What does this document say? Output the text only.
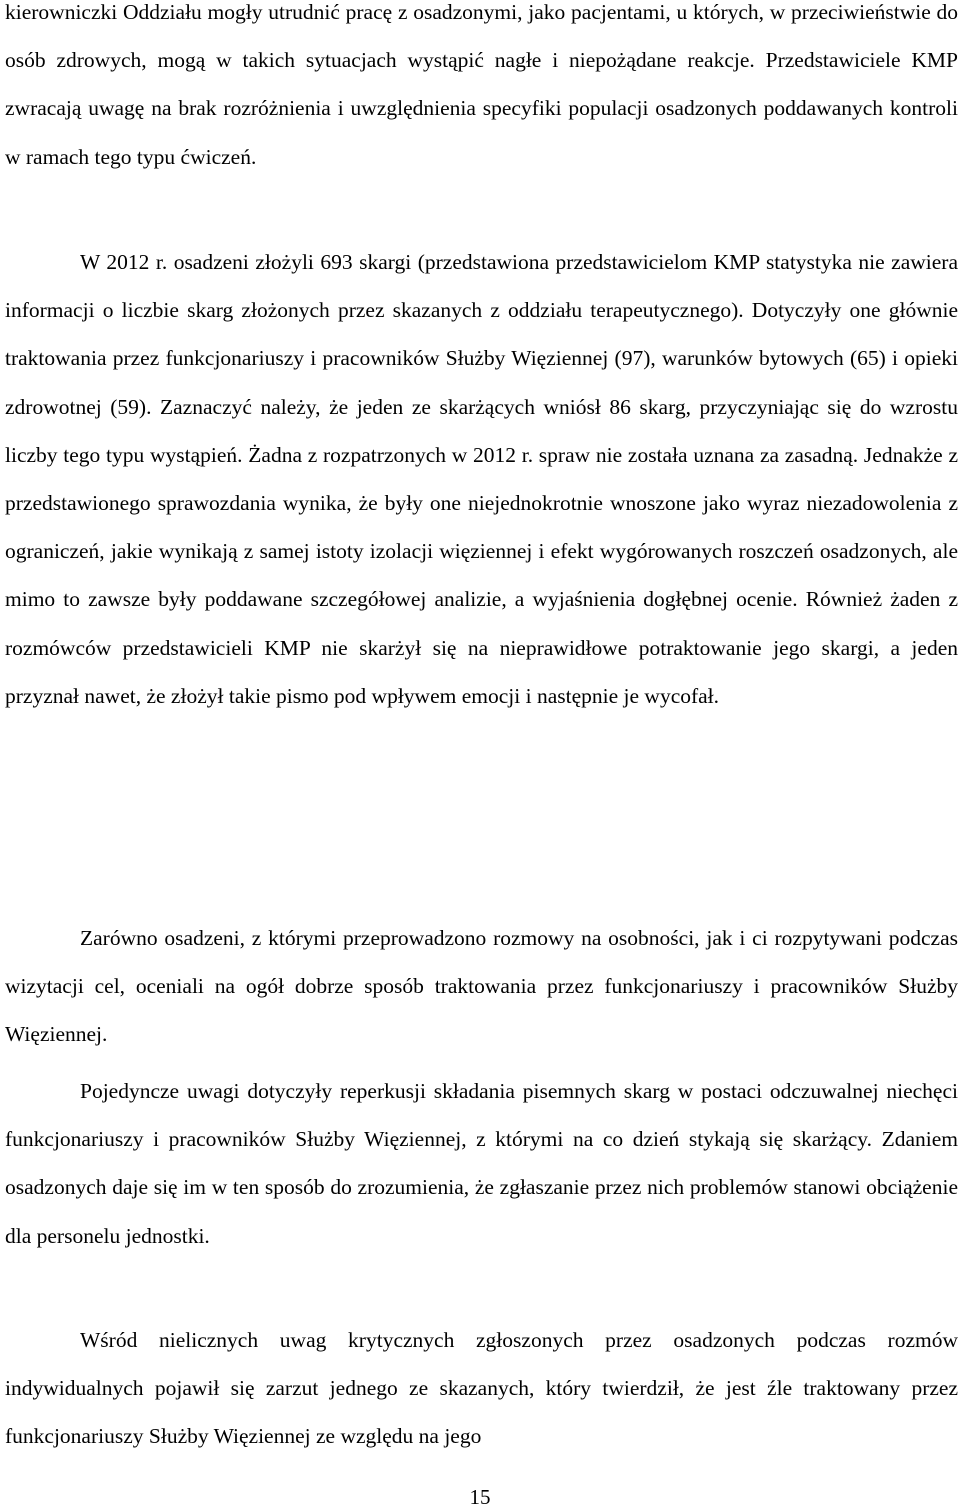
kierowniczki Oddziału mogły utrudnić pracę z osadzonymi, jako pacjentami, u których, w przeciwieństwie do osób zdrowych, mogą w takich sytuacjach wystąpić nagłe i niepożądane reakcje. Przedstawiciele KMP zwracają uwagę na brak rozróżnienia i uwzględnienia specyfiki populacji osadzonych poddawanych kontroli w ramach tego typu ćwiczeń.

W 2012 r. osadzeni złożyli 693 skargi (przedstawiona przedstawicielom KMP statystyka nie zawiera informacji o liczbie skarg złożonych przez skazanych z oddziału terapeutycznego). Dotyczyły one głównie traktowania przez funkcjonariuszy i pracowników Służby Więziennej (97), warunków bytowych (65) i opieki zdrowotnej (59). Zaznaczyć należy, że jeden ze skarżących wniósł 86 skarg, przyczyniając się do wzrostu liczby tego typu wystąpień. Żadna z rozpatrzonych w 2012 r. spraw nie została uznana za zasadną. Jednakże z przedstawionego sprawozdania wynika, że były one niejednokrotnie wnoszone jako wyraz niezadowolenia z ograniczeń, jakie wynikają z samej istoty izolacji więziennej i efekt wygórowanych roszczeń osadzonych, ale mimo to zawsze były poddawane szczegółowej analizie, a wyjaśnienia dogłębnej ocenie. Również żaden z rozmówców przedstawicieli KMP nie skarżył się na nieprawidłowe potraktowanie jego skargi, a jeden przyznał nawet, że złożył takie pismo pod wpływem emocji i następnie je wycofał.

Zarówno osadzeni, z którymi przeprowadzono rozmowy na osobności, jak i ci rozpytywani podczas wizytacji cel, oceniali na ogół dobrze sposób traktowania przez funkcjonariuszy i pracowników Służby Więziennej.

Pojedyncze uwagi dotyczyły reperkusji składania pisemnych skarg w postaci odczuwalnej niechęci funkcjonariuszy i pracowników Służby Więziennej, z którymi na co dzień stykają się skarżący. Zdaniem osadzonych daje się im w ten sposób do zrozumienia, że zgłaszanie przez nich problemów stanowi obciążenie dla personelu jednostki.

Wśród nielicznych uwag krytycznych zgłoszonych przez osadzonych podczas rozmów indywidualnych pojawił się zarzut jednego ze skazanych, który twierdził, że jest źle traktowany przez funkcjonariuszy Służby Więziennej ze względu na jego

15
